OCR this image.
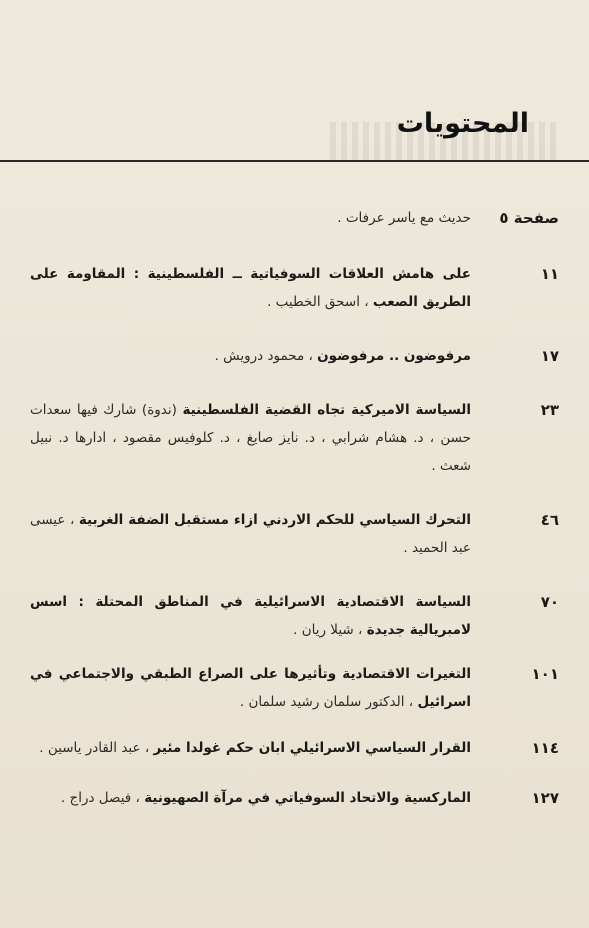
المحتويات
صفحة ٥
حديث مع ياسر عرفات .
١١
على هامش العلاقات السوفياتية ــ الفلسطينية : المقاومة على الطريق الصعب ، اسحق الخطيب .
١٧
مرفوضون .. مرفوضون ، محمود درويش .
٢٣
السياسة الاميركية تجاه القضية الفلسطينية (ندوة) شارك فيها سعدات حسن ، د. هشام شرابي ، د. نايز صايغ ، د. كلوفيس مقصود ، ادارها د. نبيل شعث .
٤٦
التحرك السياسي للحكم الاردني ازاء مستقبل الضفة الغربية ، عيسى عبد الحميد .
٧٠
السياسة الاقتصادية الاسرائيلية في المناطق المحتلة : اسس لامبريالية جديدة ، شيلا ريان .
١٠١
التغيرات الاقتصادية وتأثيرها على الصراع الطبقي والاجتماعي في اسرائيل ، الدكتور سلمان رشيد سلمان .
١١٤
القرار السياسي الاسرائيلي ابان حكم غولدا مئير ، عبد القادر ياسين .
١٢٧
الماركسية والاتحاد السوفياتي في مرآة الصهيونية ، فيصل دراج .
